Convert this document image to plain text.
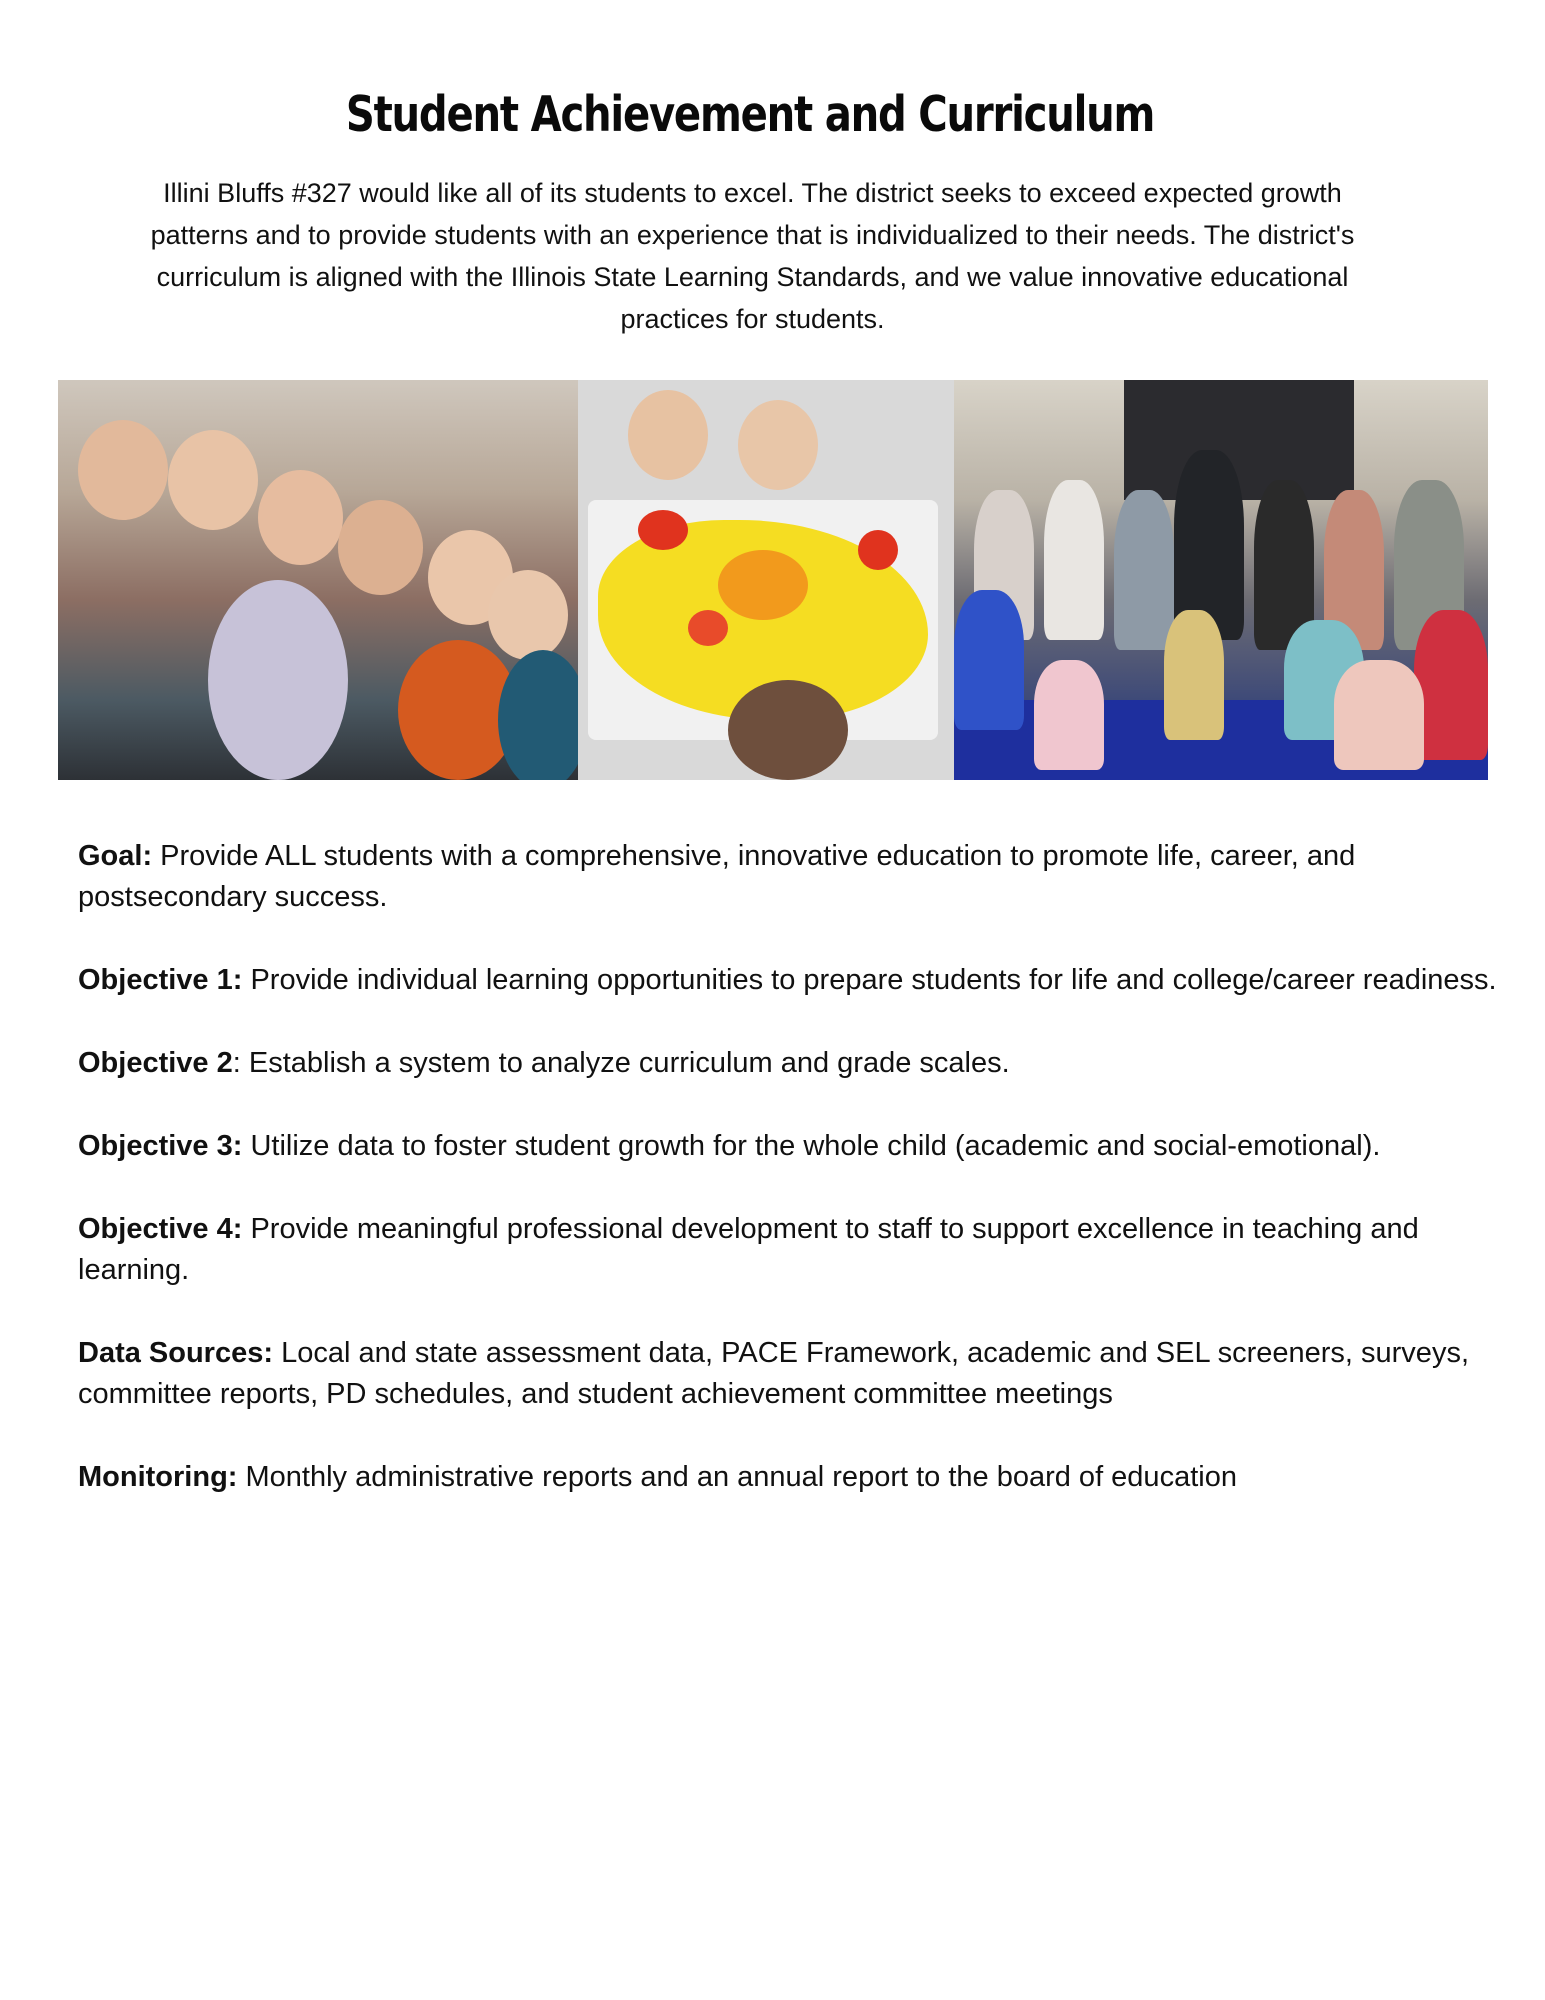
Student Achievement and Curriculum

Illini Bluffs #327 would like all of its students to excel. The district seeks to exceed expected growth patterns and to provide students with an experience that is individualized to their needs. The district's curriculum is aligned with the Illinois State Learning Standards, and we value innovative educational practices for students.

Goal: Provide ALL students with a comprehensive, innovative education to promote life, career, and postsecondary success.

Objective 1: Provide individual learning opportunities to prepare students for life and college/career readiness.

Objective 2: Establish a system to analyze curriculum and grade scales.

Objective 3: Utilize data to foster student growth for the whole child (academic and social-emotional).

Objective 4: Provide meaningful professional development to staff to support excellence in teaching and learning.

Data Sources: Local and state assessment data, PACE Framework, academic and SEL screeners, surveys, committee reports, PD schedules, and student achievement committee meetings

Monitoring: Monthly administrative reports and an annual report to the board of education
